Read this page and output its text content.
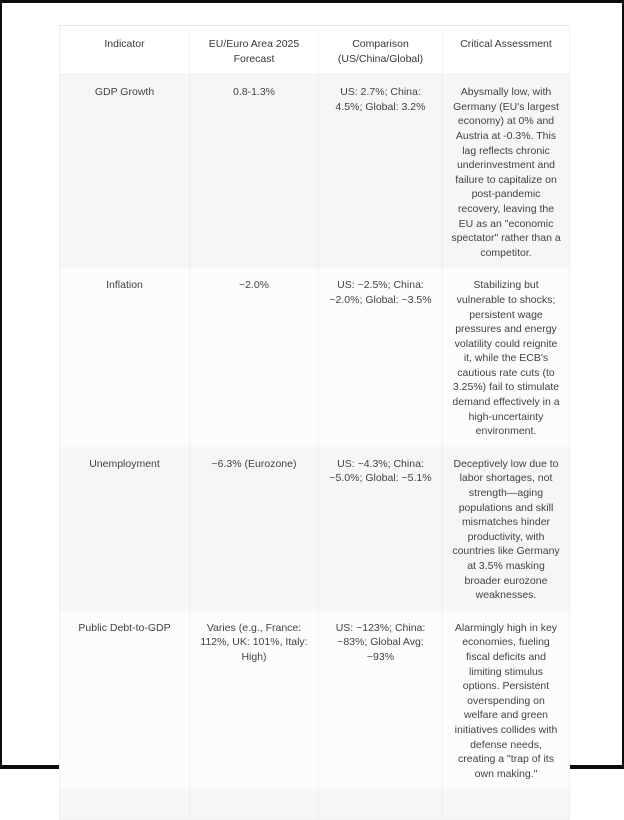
Indicator	EU/Euro Area 2025 Forecast	Comparison (US/China/Global)	Critical Assessment
GDP Growth	0.8-1.3%	US: 2.7%; China: 4.5%; Global: 3.2%	Abysmally low, with Germany (EU's largest economy) at 0% and Austria at -0.3%. This lag reflects chronic underinvestment and failure to capitalize on post-pandemic recovery, leaving the EU as an "economic spectator" rather than a competitor.
Inflation	~2.0%	US: ~2.5%; China: ~2.0%; Global: ~3.5%	Stabilizing but vulnerable to shocks; persistent wage pressures and energy volatility could reignite it, while the ECB's cautious rate cuts (to 3.25%) fail to stimulate demand effectively in a high-uncertainty environment.
Unemployment	~6.3% (Eurozone)	US: ~4.3%; China: ~5.0%; Global: ~5.1%	Deceptively low due to labor shortages, not strength—aging populations and skill mismatches hinder productivity, with countries like Germany at 3.5% masking broader eurozone weaknesses.
Public Debt-to-GDP	Varies (e.g., France: 112%, UK: 101%, Italy: High)	US: ~123%; China: ~83%; Global Avg: ~93%	Alarmingly high in key economies, fueling fiscal deficits and limiting stimulus options. Persistent overspending on welfare and green initiatives collides with defense needs, creating a "trap of its own making."
